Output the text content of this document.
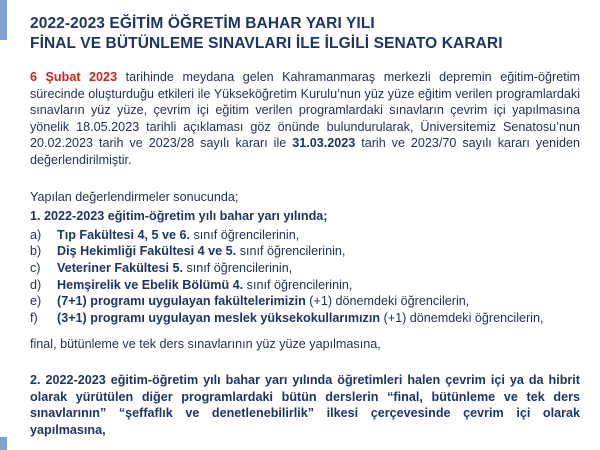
2022-2023 EĞİTİM ÖĞRETİM BAHAR YARI YILI
FİNAL VE BÜTÜNLEME SINAVLARI İLE İLGİLİ SENATO KARARI

6 Şubat 2023 tarihinde meydana gelen Kahramanmaraş merkezli depremin eğitim-öğretim sürecinde oluşturduğu etkileri ile Yükseköğretim Kurulu’nun yüz yüze eğitim verilen programlardaki sınavların yüz yüze, çevrim içi eğitim verilen programlardaki sınavların çevrim içi yapılmasına yönelik 18.05.2023 tarihli açıklaması göz önünde bulundurularak, Üniversitemiz Senatosu’nun 20.02.2023 tarih ve 2023/28 sayılı kararı ile 31.03.2023 tarih ve 2023/70 sayılı kararı yeniden değerlendirilmiştir.

Yapılan değerlendirmeler sonucunda;

1. 2022-2023 eğitim-öğretim yılı bahar yarı yılında;

a) Tıp Fakültesi 4, 5 ve 6. sınıf öğrencilerinin,
b) Diş Hekimliği Fakültesi 4 ve 5. sınıf öğrencilerinin,
c) Veteriner Fakültesi 5. sınıf öğrencilerinin,
d) Hemşirelik ve Ebelik Bölümü 4. sınıf öğrencilerinin,
e) (7+1) programı uygulayan fakültelerimizin (+1) dönemdeki öğrencilerin,
f) (3+1) programı uygulayan meslek yüksekokullarımızın (+1) dönemdeki öğrencilerin,

final, bütünleme ve tek ders sınavlarının yüz yüze yapılmasına,

2. 2022-2023 eğitim-öğretim yılı bahar yarı yılında öğretimleri halen çevrim içi ya da hibrit olarak yürütülen diğer programlardaki bütün derslerin “final, bütünleme ve tek ders sınavlarının” “şeffaflık ve denetlenebilirlik” ilkesi çerçevesinde çevrim içi olarak yapılmasına,
